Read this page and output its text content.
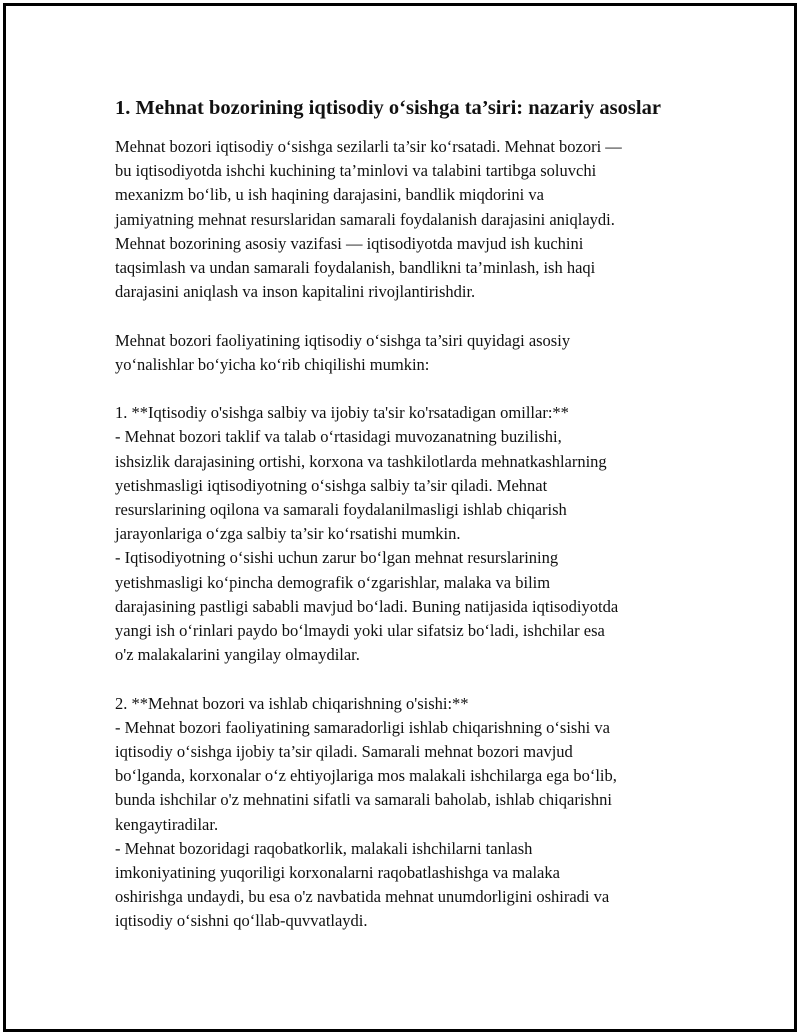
1. Mehnat bozorining iqtisodiy o‘sishga ta’siri: nazariy asoslar

Mehnat bozori iqtisodiy o‘sishga sezilarli ta’sir ko‘rsatadi. Mehnat bozori —
bu iqtisodiyotda ishchi kuchining ta’minlovi va talabini tartibga soluvchi
mexanizm bo‘lib, u ish haqining darajasini, bandlik miqdorini va
jamiyatning mehnat resurslaridan samarali foydalanish darajasini aniqlaydi.
Mehnat bozorining asosiy vazifasi — iqtisodiyotda mavjud ish kuchini
taqsimlash va undan samarali foydalanish, bandlikni ta’minlash, ish haqi
darajasini aniqlash va inson kapitalini rivojlantirishdir.

Mehnat bozori faoliyatining iqtisodiy o‘sishga ta’siri quyidagi asosiy
yo‘nalishlar bo‘yicha ko‘rib chiqilishi mumkin:

1. **Iqtisodiy o'sishga salbiy va ijobiy ta'sir ko'rsatadigan omillar:**
- Mehnat bozori taklif va talab o‘rtasidagi muvozanatning buzilishi,
ishsizlik darajasining ortishi, korxona va tashkilotlarda mehnatkashlarning
yetishmasligi iqtisodiyotning o‘sishga salbiy ta’sir qiladi. Mehnat
resurslarining oqilona va samarali foydalanilmasligi ishlab chiqarish
jarayonlariga o‘zga salbiy ta’sir ko‘rsatishi mumkin.
- Iqtisodiyotning o‘sishi uchun zarur bo‘lgan mehnat resurslarining
yetishmasligi ko‘pincha demografik o‘zgarishlar, malaka va bilim
darajasining pastligi sababli mavjud bo‘ladi. Buning natijasida iqtisodiyotda
yangi ish o‘rinlari paydo bo‘lmaydi yoki ular sifatsiz bo‘ladi, ishchilar esa
o'z malakalarini yangilay olmaydilar.

2. **Mehnat bozori va ishlab chiqarishning o'sishi:**
- Mehnat bozori faoliyatining samaradorligi ishlab chiqarishning o‘sishi va
iqtisodiy o‘sishga ijobiy ta’sir qiladi. Samarali mehnat bozori mavjud
bo‘lganda, korxonalar o‘z ehtiyojlariga mos malakali ishchilarga ega bo‘lib,
bunda ishchilar o'z mehnatini sifatli va samarali baholab, ishlab chiqarishni
kengaytiradilar.
- Mehnat bozoridagi raqobatkorlik, malakali ishchilarni tanlash
imkoniyatining yuqoriligi korxonalarni raqobatlashishga va malaka
oshirishga undaydi, bu esa o'z navbatida mehnat unumdorligini oshiradi va
iqtisodiy o‘sishni qo‘llab-quvvatlaydi.
